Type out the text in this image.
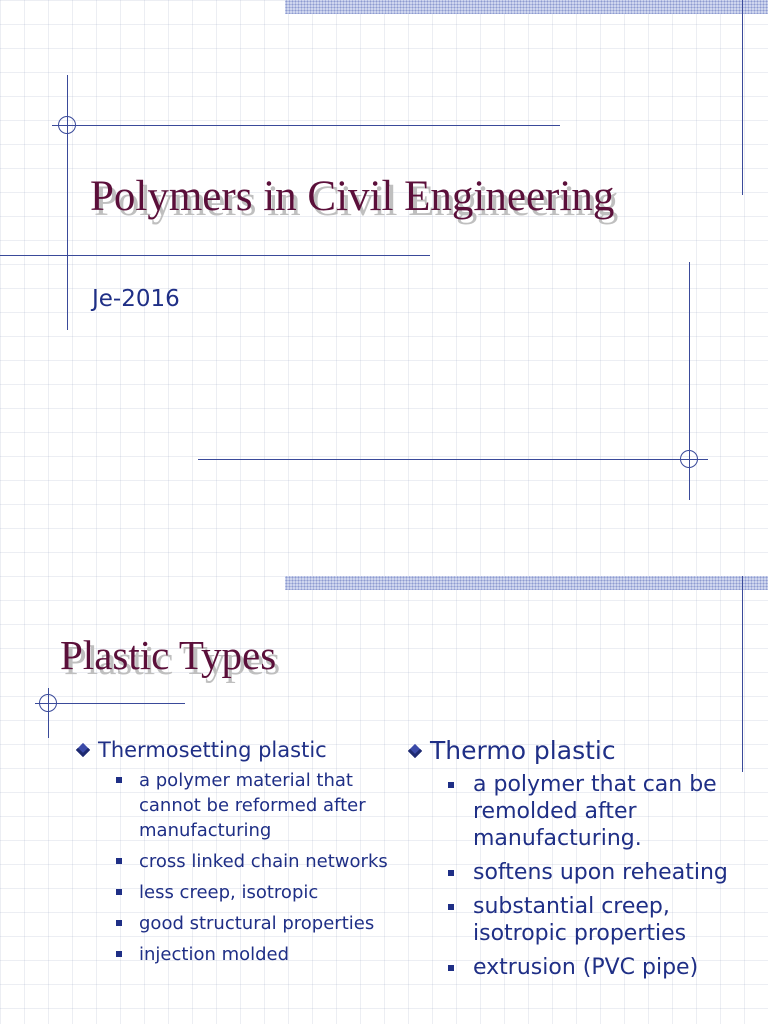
Polymers in Civil Engineering

Je-2016

Plastic Types
Thermosetting plastic
a polymer material that cannot be reformed after manufacturing
cross linked chain networks
less creep, isotropic
good structural properties
injection molded
Thermo plastic
a polymer that can be remolded after manufacturing.
softens upon reheating
substantial creep, isotropic properties
extrusion (PVC pipe)
